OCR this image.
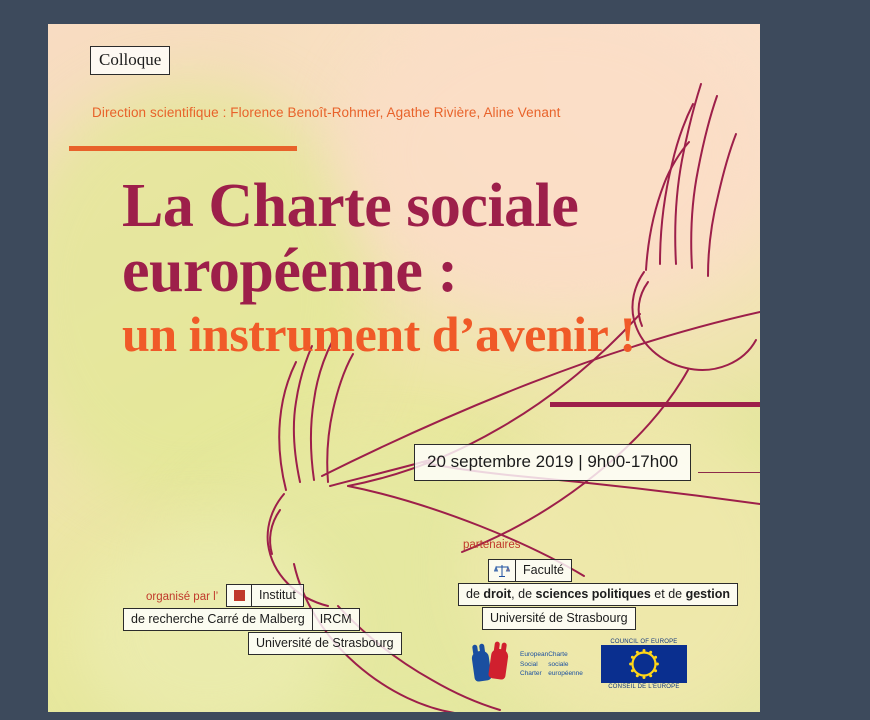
Colloque
Direction scientifique : Florence Benoît-Rohmer, Agathe Rivière, Aline Venant
La Charte sociale
européenne :
un instrument d’avenir !
20 septembre 2019 | 9h00-17h00
partenaires
Faculté
de droit, de sciences politiques et de gestion
Université de Strasbourg
organisé par l’	Institut
de recherche Carré de Malberg	IRCM
Université de Strasbourg
European
Social
Charter
Charte
sociale
européenne
COUNCIL OF EUROPE
CONSEIL DE L’EUROPE
